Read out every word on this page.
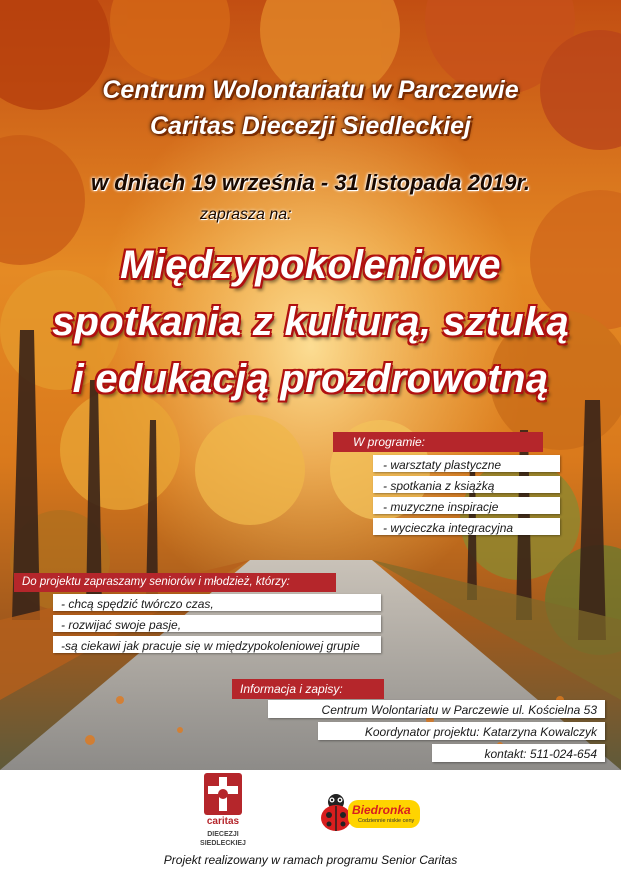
Centrum Wolontariatu w Parczewie
Caritas Diecezji Siedleckiej
w dniach 19 września - 31 listopada 2019r.
zaprasza na:
Międzypokoleniowe
spotkania z kulturą, sztuką
i edukacją prozdrowotną
W programie:
- warsztaty plastyczne
- spotkania z książką
- muzyczne inspiracje
- wycieczka integracyjna
Do projektu zapraszamy seniorów i młodzież, którzy:
- chcą spędzić twórczo czas,
- rozwijać swoje pasje,
-są ciekawi jak pracuje się w międzypokoleniowej grupie
Informacja i zapisy:
Centrum Wolontariatu w Parczewie ul. Kościelna 53
Koordynator projektu: Katarzyna Kowalczyk
kontakt: 511-024-654
caritas
DIECEZJI
SIEDLECKIEJ
Biedronka
Codziennie niskie ceny
Projekt realizowany w ramach programu Senior Caritas
